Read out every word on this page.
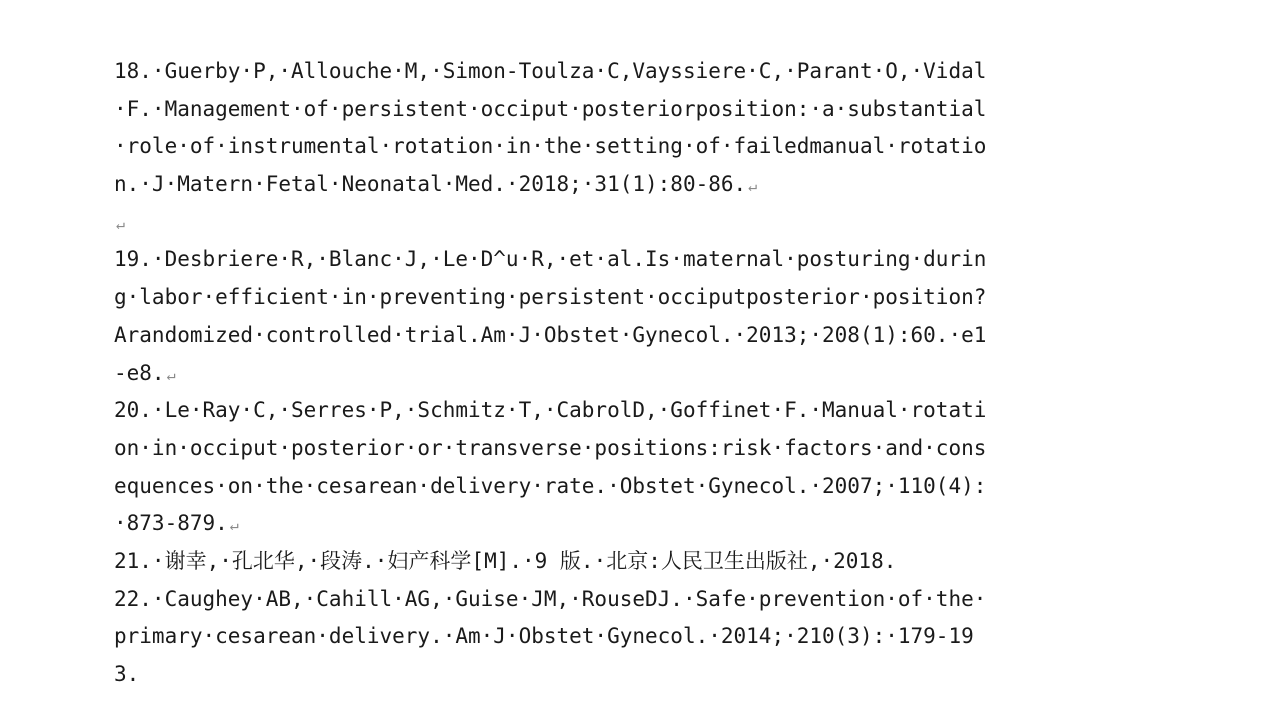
18.·Guerby·P,·Allouche·M,·Simon-Toulza·C,Vayssiere·C,·Parant·O,·Vidal
·F.·Management·of·persistent·occiput·posteriorposition:·a·substantial
·role·of·instrumental·rotation·in·the·setting·of·failedmanual·rotatio
n.·J·Matern·Fetal·Neonatal·Med.·2018;·31(1):80-86. ↵
↵
19.·Desbriere·R,·Blanc·J,·Le·D^u·R,·et·al.Is·maternal·posturing·durin
g·labor·efficient·in·preventing·persistent·occiputposterior·position?
Arandomized·controlled·trial.Am·J·Obstet·Gynecol.·2013;·208(1):60.·e1
-e8. ↵
20.·Le·Ray·C,·Serres·P,·Schmitz·T,·CabrolD,·Goffinet·F.·Manual·rotati
on·in·occiput·posterior·or·transverse·positions:risk·factors·and·cons
equences·on·the·cesarean·delivery·rate.·Obstet·Gynecol.·2007;·110(4):
·873-879. ↵
21.·谢幸,·孔北华,·段涛.·妇产科学[M].·9 版.·北京:人民卫生出版社,·2018.
22.·Caughey·AB,·Cahill·AG,·Guise·JM,·RouseDJ.·Safe·prevention·of·the·
primary·cesarean·delivery.·Am·J·Obstet·Gynecol.·2014;·210(3):·179-19
3.
